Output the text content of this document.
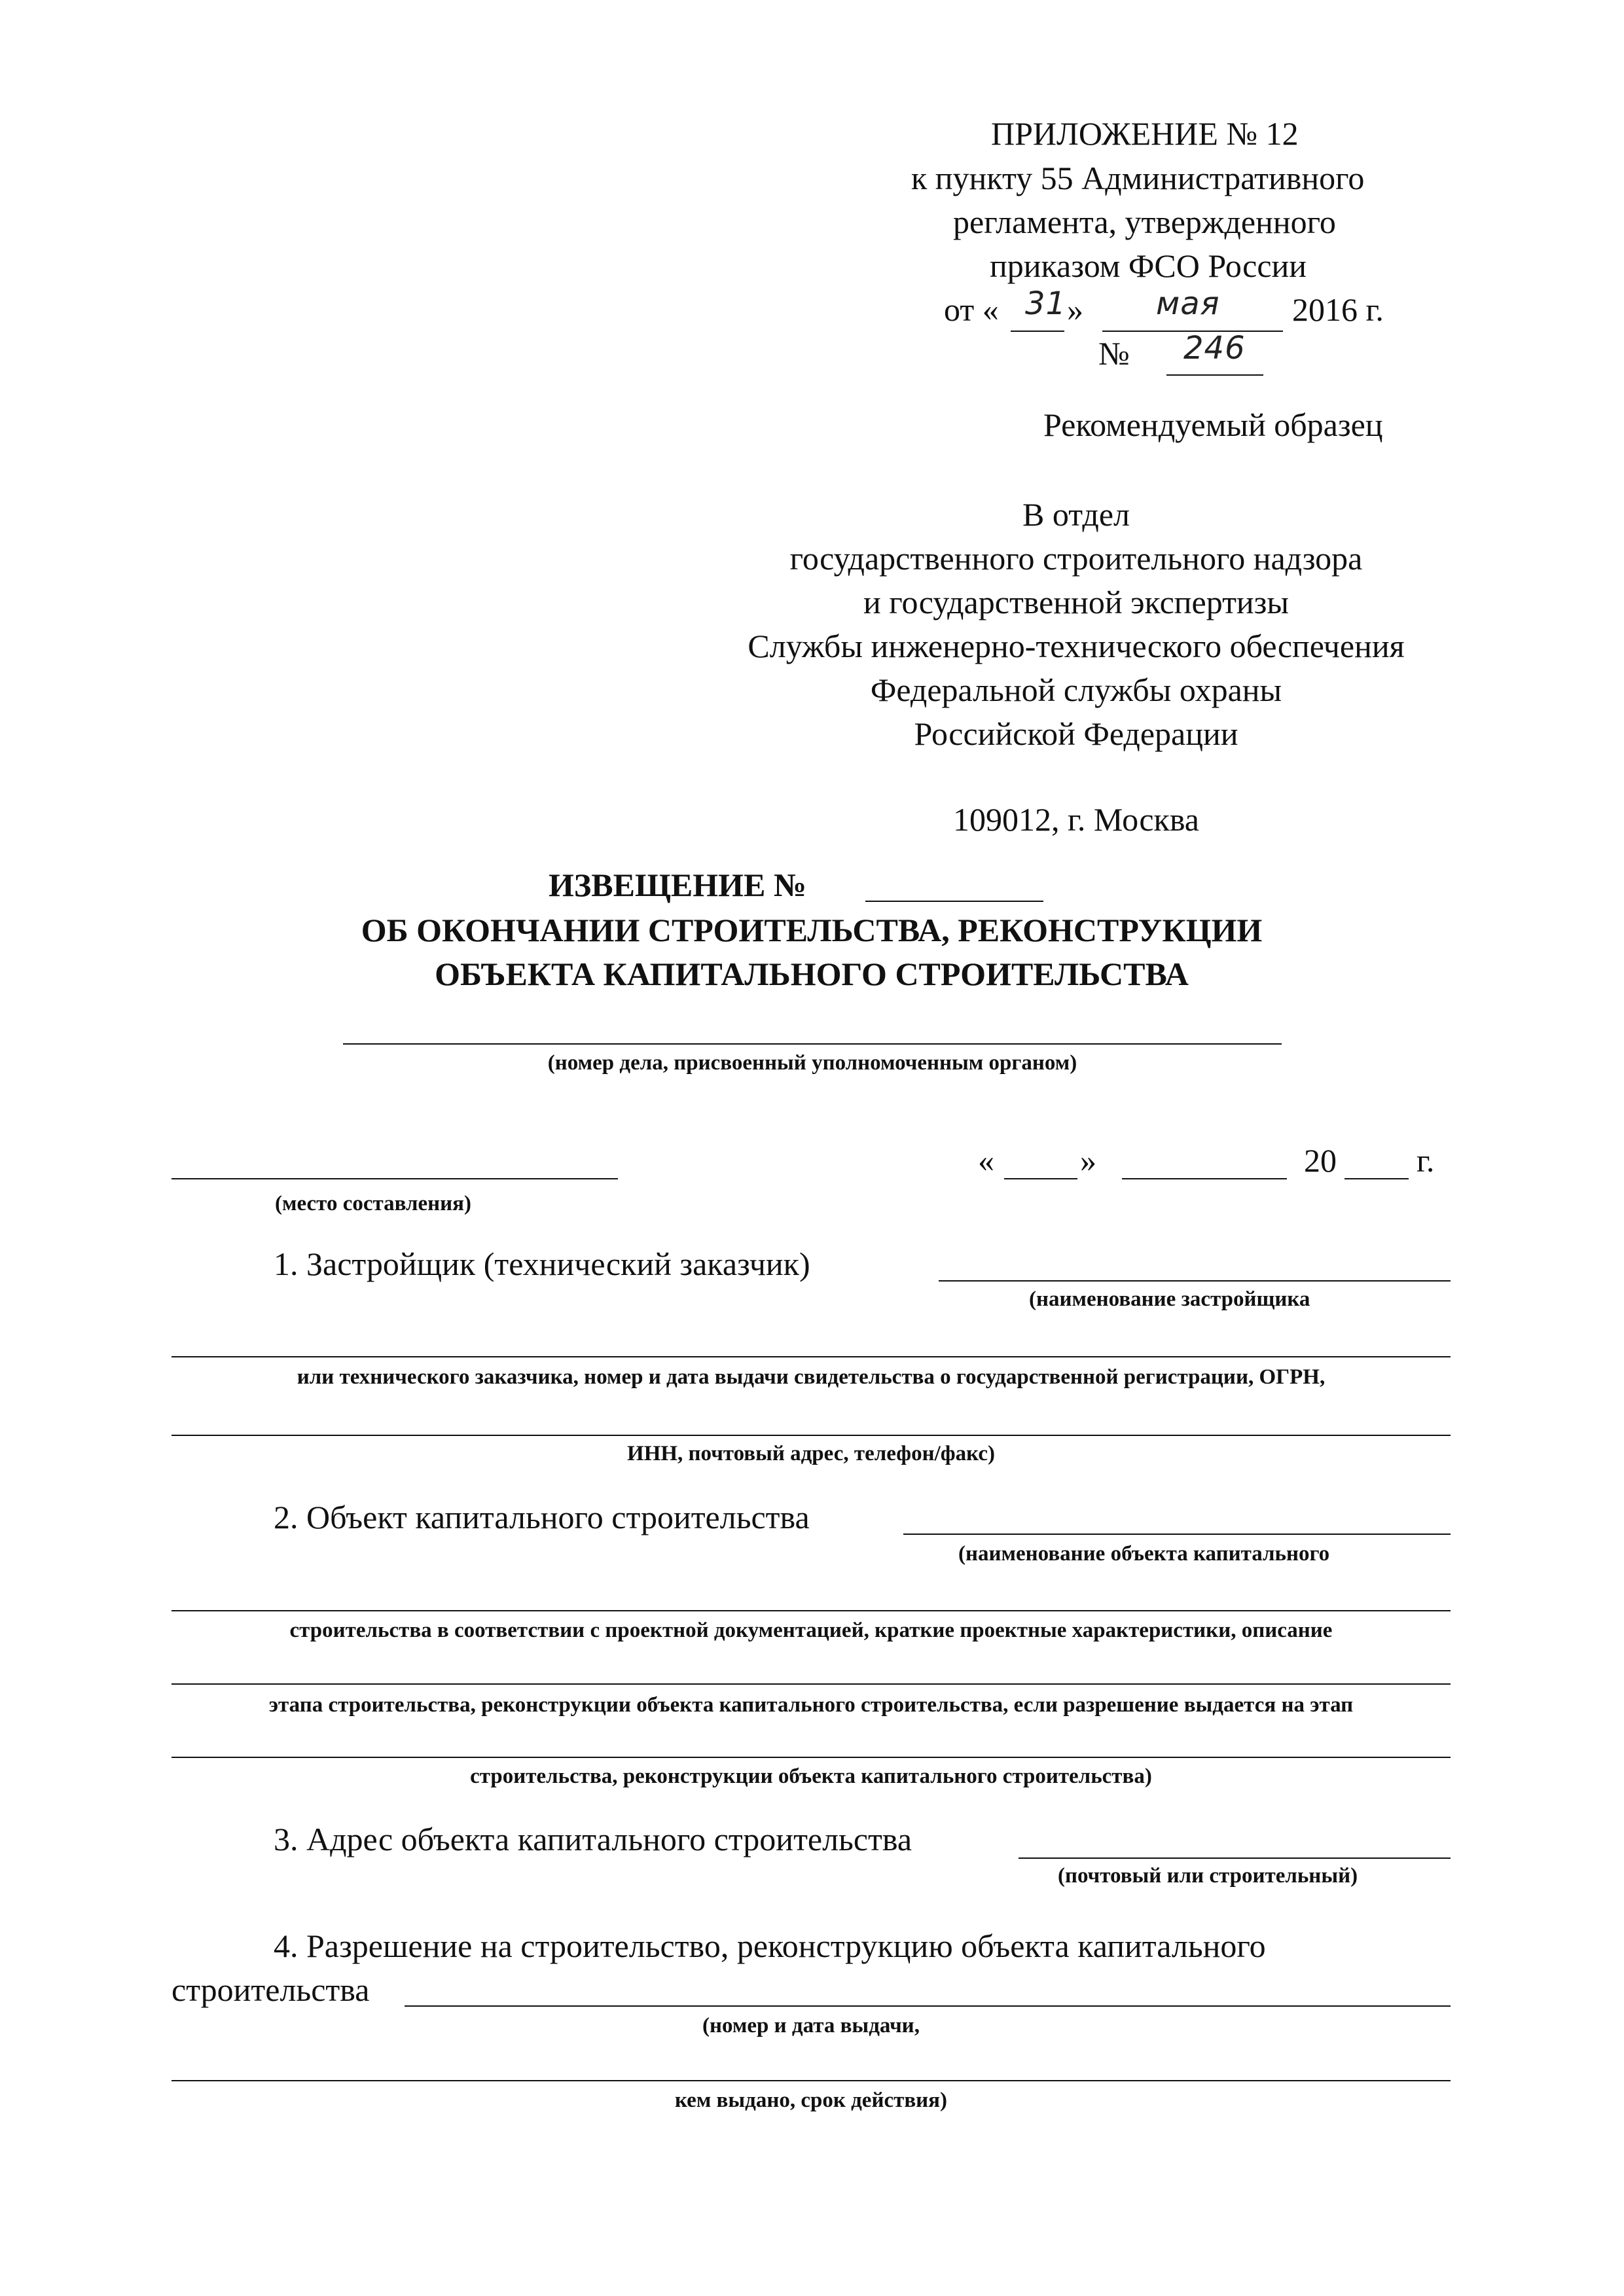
ПРИЛОЖЕНИЕ № 12
к пункту 55 Административного
регламента, утвержденного
приказом ФСО России
от « 31 » мая 2016 г.
№ 246
Рекомендуемый образец
В отдел
государственного строительного надзора
и государственной экспертизы
Службы инженерно-технического обеспечения
Федеральной службы охраны
Российской Федерации
109012, г. Москва
ИЗВЕЩЕНИЕ №
ОБ ОКОНЧАНИИ СТРОИТЕЛЬСТВА, РЕКОНСТРУКЦИИ
ОБЪЕКТА КАПИТАЛЬНОГО СТРОИТЕЛЬСТВА
(номер дела, присвоенный уполномоченным органом)
(место составления)
«	»	20 г.
1. Застройщик (технический заказчик)
(наименование застройщика
или технического заказчика, номер и дата выдачи свидетельства о государственной регистрации, ОГРН,
ИНН, почтовый адрес, телефон/факс)
2. Объект капитального строительства
(наименование объекта капитального
строительства в соответствии с проектной документацией, краткие проектные характеристики, описание
этапа строительства, реконструкции объекта капитального строительства, если разрешение выдается на этап
строительства, реконструкции объекта капитального строительства)
3. Адрес объекта капитального строительства
(почтовый или строительный)
4. Разрешение на строительство, реконструкцию объекта капитального
строительства
(номер и дата выдачи,
кем выдано, срок действия)
